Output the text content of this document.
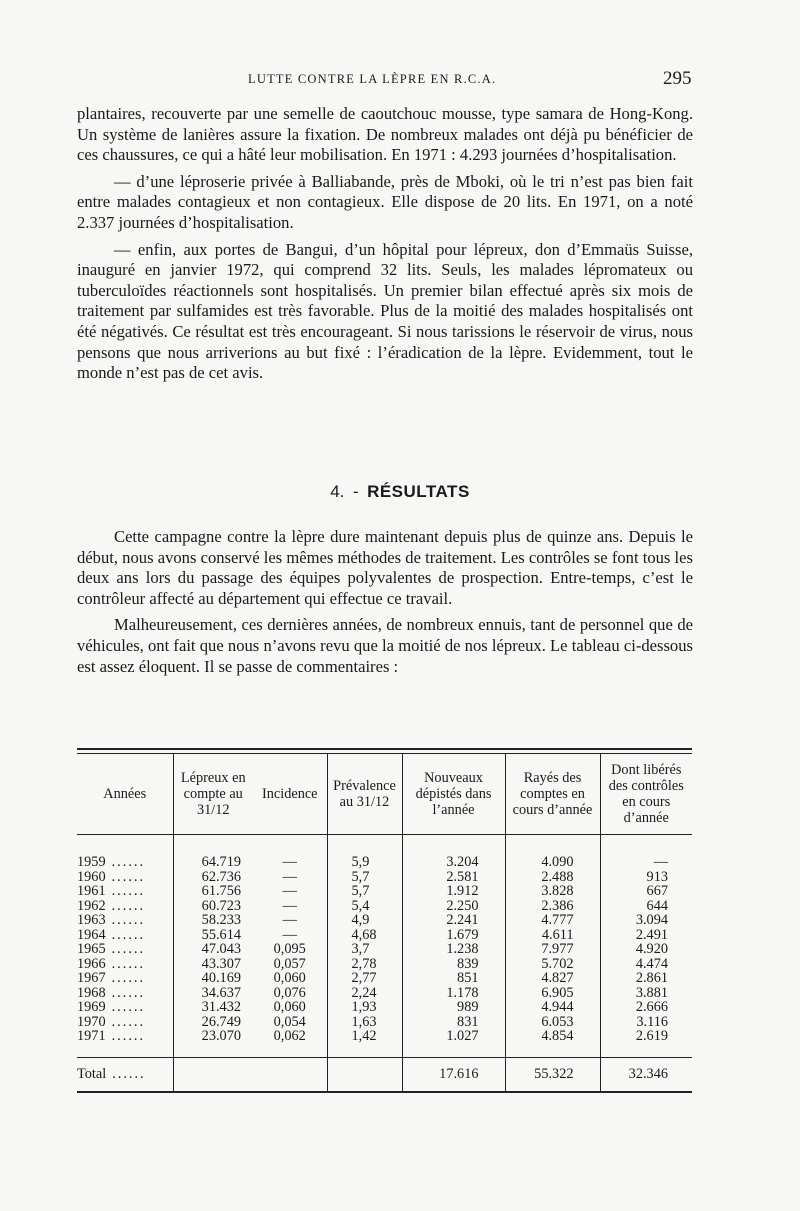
LUTTE CONTRE LA LÈPRE EN R.C.A.	295

plantaires, recouverte par une semelle de caoutchouc mousse, type samara de Hong-Kong. Un système de lanières assure la fixation. De nombreux malades ont déjà pu bénéficier de ces chaussures, ce qui a hâté leur mobilisation. En 1971 : 4.293 journées d’hospitalisation.

— d’une léproserie privée à Balliabande, près de Mboki, où le tri n’est pas bien fait entre malades contagieux et non contagieux. Elle dispose de 20 lits. En 1971, on a noté 2.337 journées d’hospitalisation.

— enfin, aux portes de Bangui, d’un hôpital pour lépreux, don d’Emmaüs Suisse, inauguré en janvier 1972, qui comprend 32 lits. Seuls, les malades lépromateux ou tuberculoïdes réactionnels sont hospitalisés. Un premier bilan effectué après six mois de traitement par sulfamides est très favorable. Plus de la moitié des malades hospitalisés ont été négativés. Ce résultat est très encourageant. Si nous tarissions le réservoir de virus, nous pensons que nous arriverions au but fixé : l’éradication de la lèpre. Evidemment, tout le monde n’est pas de cet avis.

4. - RÉSULTATS

Cette campagne contre la lèpre dure maintenant depuis plus de quinze ans. Depuis le début, nous avons conservé les mêmes méthodes de traitement. Les contrôles se font tous les deux ans lors du passage des équipes polyvalentes de prospection. Entre-temps, c’est le contrôleur affecté au département qui effectue ce travail.

Malheureusement, ces dernières années, de nombreux ennuis, tant de personnel que de véhicules, ont fait que nous n’avons revu que la moitié de nos lépreux. Le tableau ci-dessous est assez éloquent. Il se passe de commentaires :

Années	Lépreux en compte au 31/12	Incidence	Prévalence au 31/12	Nouveaux dépistés dans l’année	Rayés des comptes en cours d’année	Dont libérés des contrôles en cours d’année
1959 ......	64.719	—	5,9	3.204	4.090	—
1960 ......	62.736	—	5,7	2.581	2.488	913
1961 ......	61.756	—	5,7	1.912	3.828	667
1962 ......	60.723	—	5,4	2.250	2.386	644
1963 ......	58.233	—	4,9	2.241	4.777	3.094
1964 ......	55.614	—	4,68	1.679	4.611	2.491
1965 ......	47.043	0,095	3,7	1.238	7.977	4.920
1966 ......	43.307	0,057	2,78	839	5.702	4.474
1967 ......	40.169	0,060	2,77	851	4.827	2.861
1968 ......	34.637	0,076	2,24	1.178	6.905	3.881
1969 ......	31.432	0,060	1,93	989	4.944	2.666
1970 ......	26.749	0,054	1,63	831	6.053	3.116
1971 ......	23.070	0,062	1,42	1.027	4.854	2.619
Total ......				17.616	55.322	32.346
